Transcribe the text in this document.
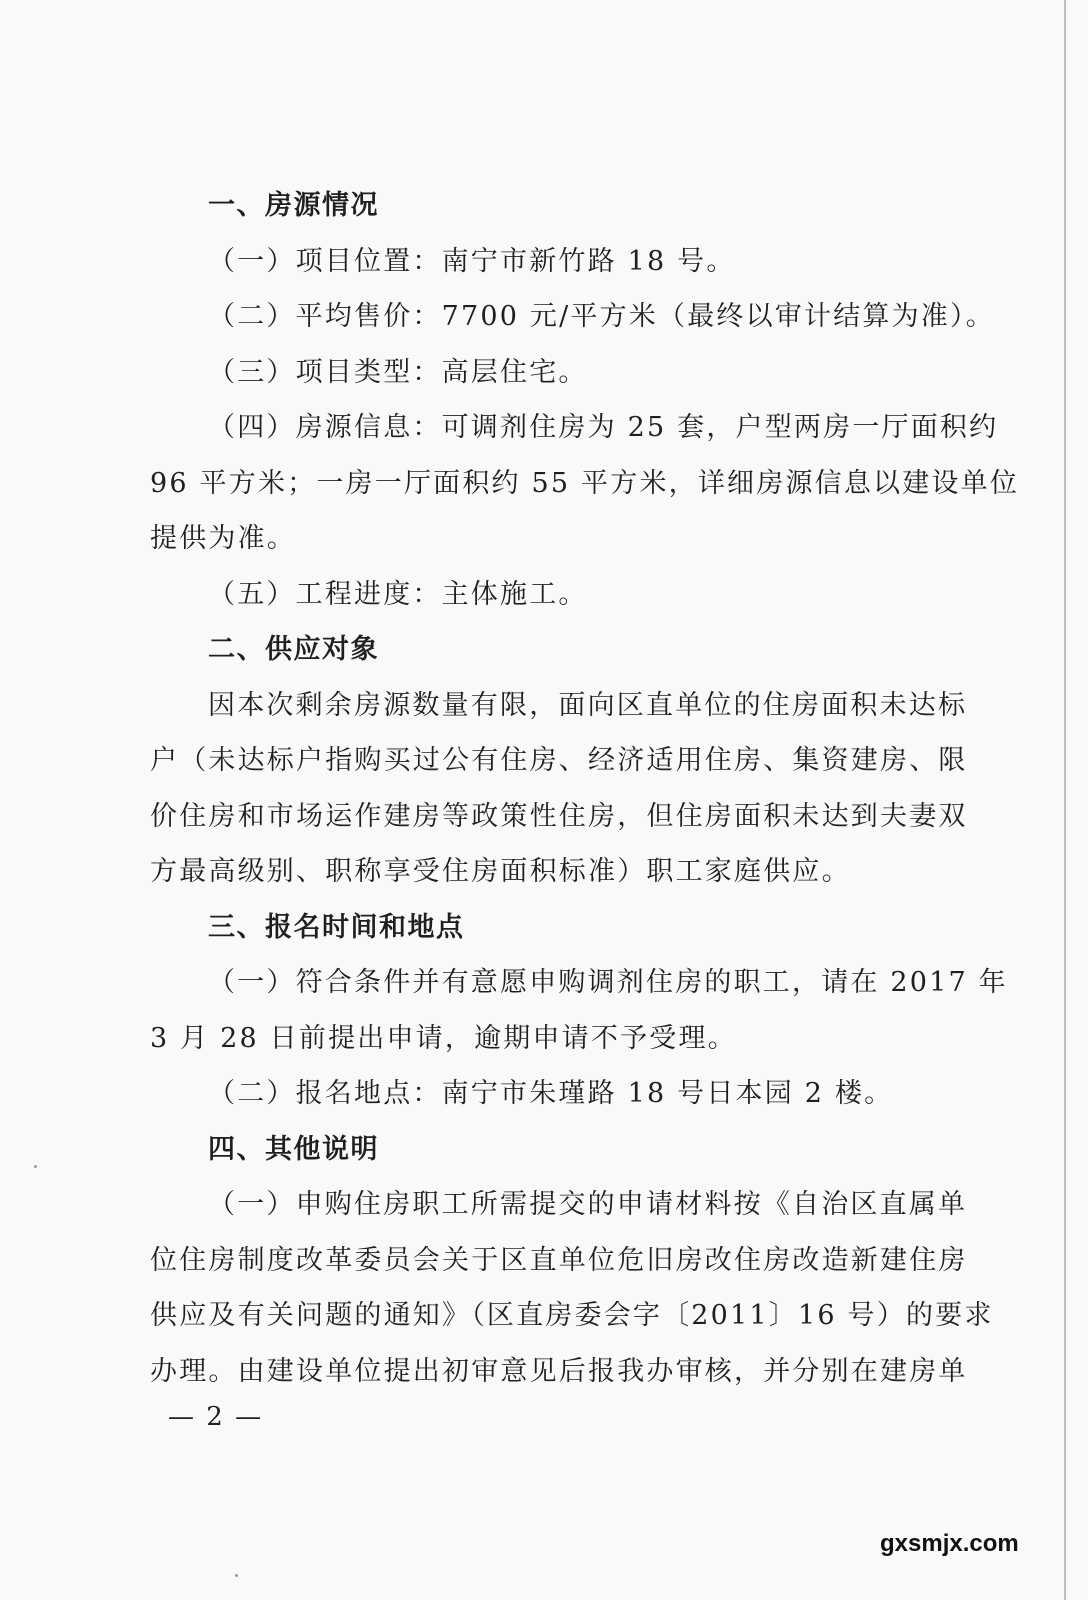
一、房源情况

（一）项目位置：南宁市新竹路 18 号。

（二）平均售价：7700 元/平方米（最终以审计结算为准）。

（三）项目类型：高层住宅。

（四）房源信息：可调剂住房为 25 套，户型两房一厅面积约

96 平方米；一房一厅面积约 55 平方米，详细房源信息以建设单位

提供为准。

（五）工程进度：主体施工。

二、供应对象

因本次剩余房源数量有限，面向区直单位的住房面积未达标

户（未达标户指购买过公有住房、经济适用住房、集资建房、限

价住房和市场运作建房等政策性住房，但住房面积未达到夫妻双

方最高级别、职称享受住房面积标准）职工家庭供应。

三、报名时间和地点

（一）符合条件并有意愿申购调剂住房的职工，请在 2017 年

3 月 28 日前提出申请，逾期申请不予受理。

（二）报名地点：南宁市朱瑾路 18 号日本园 2 楼。

四、其他说明

（一）申购住房职工所需提交的申请材料按《自治区直属单

位住房制度改革委员会关于区直单位危旧房改住房改造新建住房

供应及有关问题的通知》（区直房委会字〔2011〕16 号）的要求

办理。由建设单位提出初审意见后报我办审核，并分别在建房单

— 2 —
gxsmjx.com
